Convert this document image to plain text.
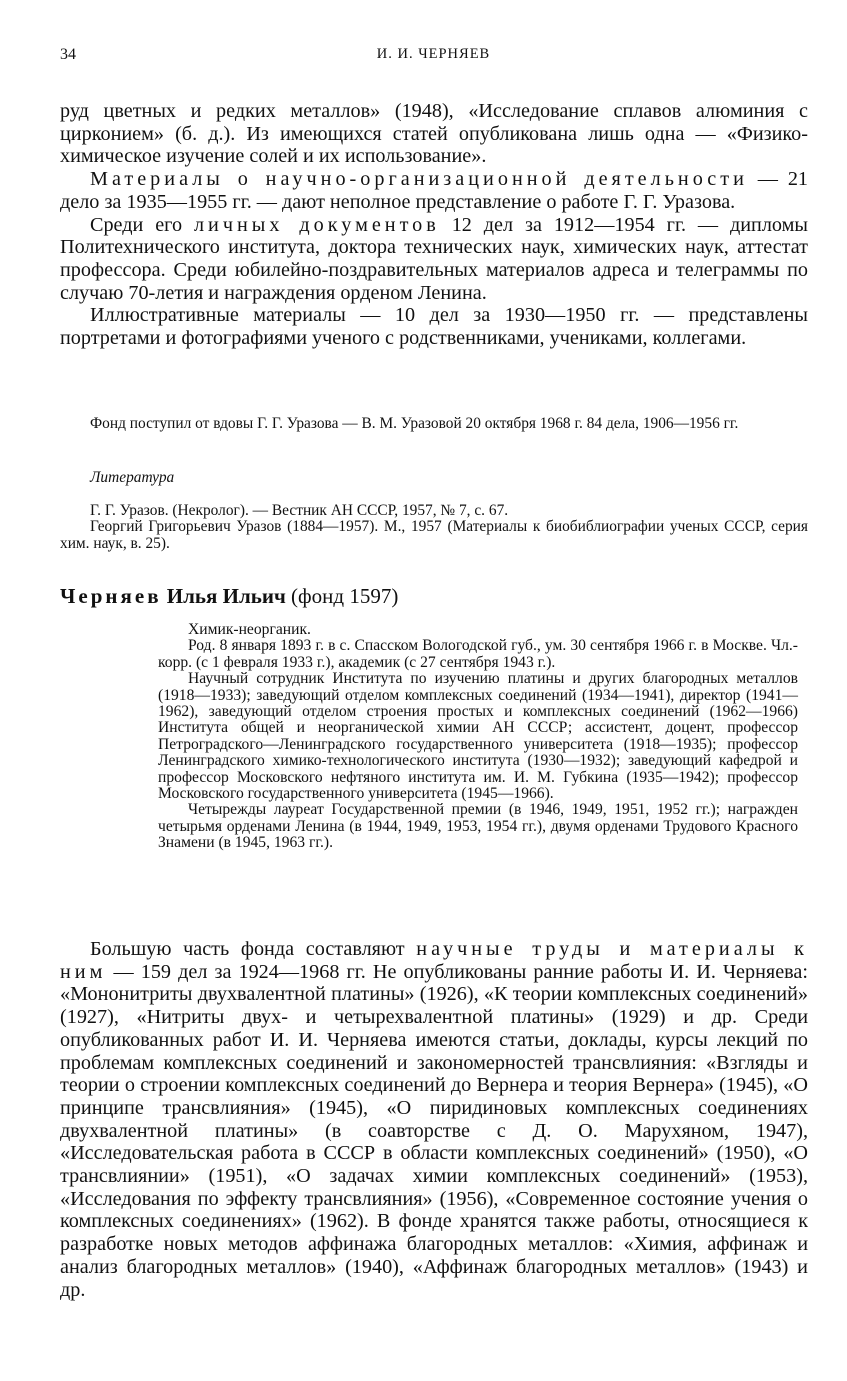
34	И. И. ЧЕРНЯЕВ

руд цветных и редких металлов» (1948), «Исследование сплавов алюминия с цирконием» (б. д.). Из имеющихся статей опубликована лишь одна — «Физико-химическое изучение солей и их использование».

Материалы о научно-организационной деятельности — 21 дело за 1935—1955 гг. — дают неполное представление о работе Г. Г. Уразова.

Среди его личных документов 12 дел за 1912—1954 гг. — дипломы Политехнического института, доктора технических наук, химических наук, аттестат профессора. Среди юбилейно-поздравительных материалов адреса и телеграммы по случаю 70-летия и награждения орденом Ленина.

Иллюстративные материалы — 10 дел за 1930—1950 гг. — представлены портретами и фотографиями ученого с родственниками, учениками, коллегами.

Фонд поступил от вдовы Г. Г. Уразова — В. М. Уразовой 20 октября 1968 г. 84 дела, 1906—1956 гг.

Литература

Г. Г. Уразов. (Некролог). — Вестник АН СССР, 1957, № 7, с. 67.

Георгий Григорьевич Уразов (1884—1957). М., 1957 (Материалы к биобиблиографии ученых СССР, серия хим. наук, в. 25).

Черняев Илья Ильич (фонд 1597)

Химик-неорганик.

Род. 8 января 1893 г. в с. Спасском Вологодской губ., ум. 30 сентября 1966 г. в Москве. Чл.-корр. (с 1 февраля 1933 г.), академик (с 27 сентября 1943 г.).

Научный сотрудник Института по изучению платины и других благородных металлов (1918—1933); заведующий отделом комплексных соединений (1934—1941), директор (1941—1962), заведующий отделом строения простых и комплексных соединений (1962—1966) Института общей и неорганической химии АН СССР; ассистент, доцент, профессор Петроградского—Ленинградского государственного университета (1918—1935); профессор Ленинградского химико-технологического института (1930—1932); заведующий кафедрой и профессор Московского нефтяного института им. И. М. Губкина (1935—1942); профессор Московского государственного университета (1945—1966).

Четырежды лауреат Государственной премии (в 1946, 1949, 1951, 1952 гг.); награжден четырьмя орденами Ленина (в 1944, 1949, 1953, 1954 гг.), двумя орденами Трудового Красного Знамени (в 1945, 1963 гг.).

Большую часть фонда составляют научные труды и материалы к ним — 159 дел за 1924—1968 гг. Не опубликованы ранние работы И. И. Черняева: «Мононитриты двухвалентной платины» (1926), «К теории комплексных соединений» (1927), «Нитриты двух- и четырехвалентной платины» (1929) и др. Среди опубликованных работ И. И. Черняева имеются статьи, доклады, курсы лекций по проблемам комплексных соединений и закономерностей трансвлияния: «Взгляды и теории о строении комплексных соединений до Вернера и теория Вернера» (1945), «О принципе трансвлияния» (1945), «О пиридиновых комплексных соединениях двухвалентной платины» (в соавторстве с Д. О. Марухяном, 1947), «Исследовательская работа в СССР в области комплексных соединений» (1950), «О трансвлиянии» (1951), «О задачах химии комплексных соединений» (1953), «Исследования по эффекту трансвлияния» (1956), «Современное состояние учения о комплексных соединениях» (1962). В фонде хранятся также работы, относящиеся к разработке новых методов аффинажа благородных металлов: «Химия, аффинаж и анализ благородных металлов» (1940), «Аффинаж благородных металлов» (1943) и др.
